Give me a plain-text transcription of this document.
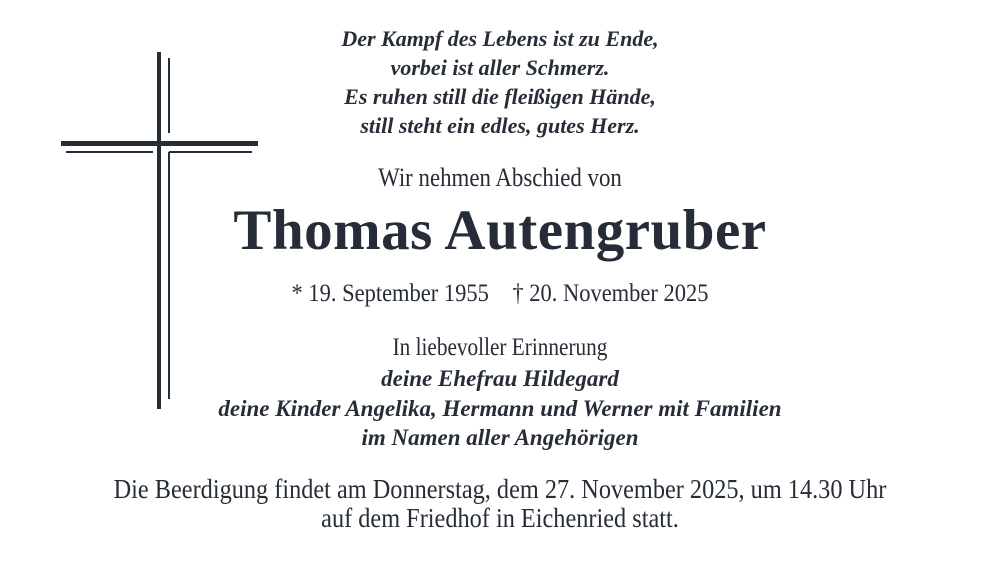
Der Kampf des Lebens ist zu Ende,
vorbei ist aller Schmerz.
Es ruhen still die fleißigen Hände,
still steht ein edles, gutes Herz.
Wir nehmen Abschied von
Thomas Autengruber
* 19. September 1955 † 20. November 2025
In liebevoller Erinnerung
deine Ehefrau Hildegard
deine Kinder Angelika, Hermann und Werner mit Familien
im Namen aller Angehörigen
Die Beerdigung findet am Donnerstag, dem 27. November 2025, um 14.30 Uhr
auf dem Friedhof in Eichenried statt.
